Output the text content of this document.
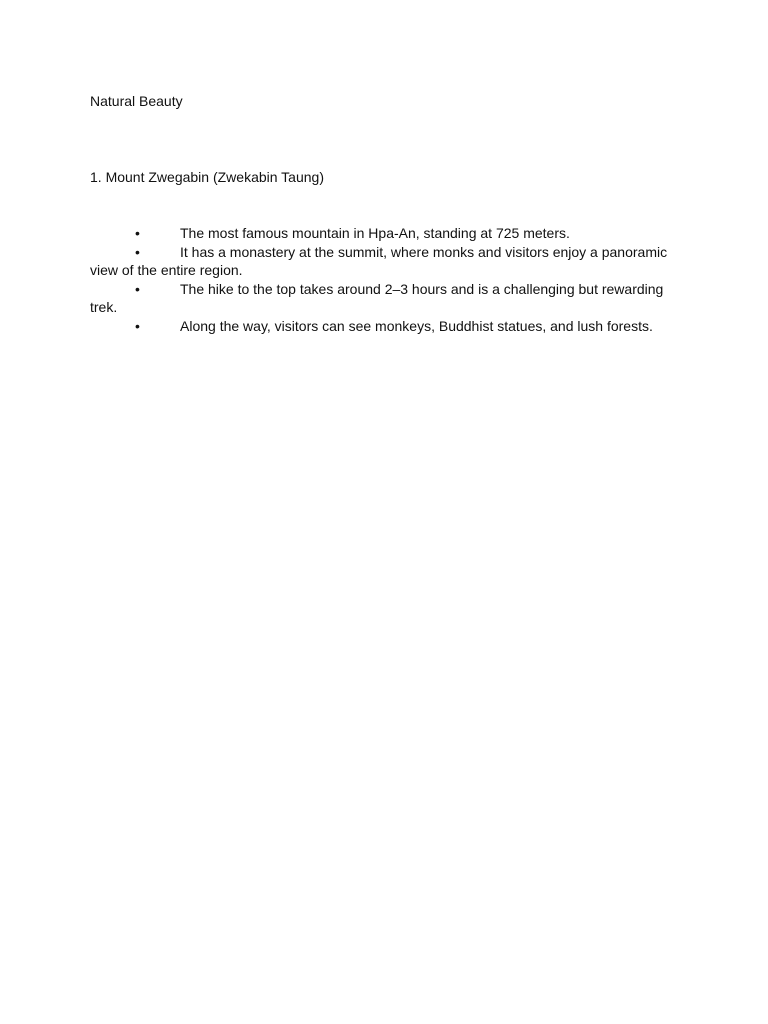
Natural Beauty
1. Mount Zwegabin (Zwekabin Taung)
•	The most famous mountain in Hpa-An, standing at 725 meters.
•	It has a monastery at the summit, where monks and visitors enjoy a panoramic view of the entire region.
•	The hike to the top takes around 2–3 hours and is a challenging but rewarding trek.
•	Along the way, visitors can see monkeys, Buddhist statues, and lush forests.
